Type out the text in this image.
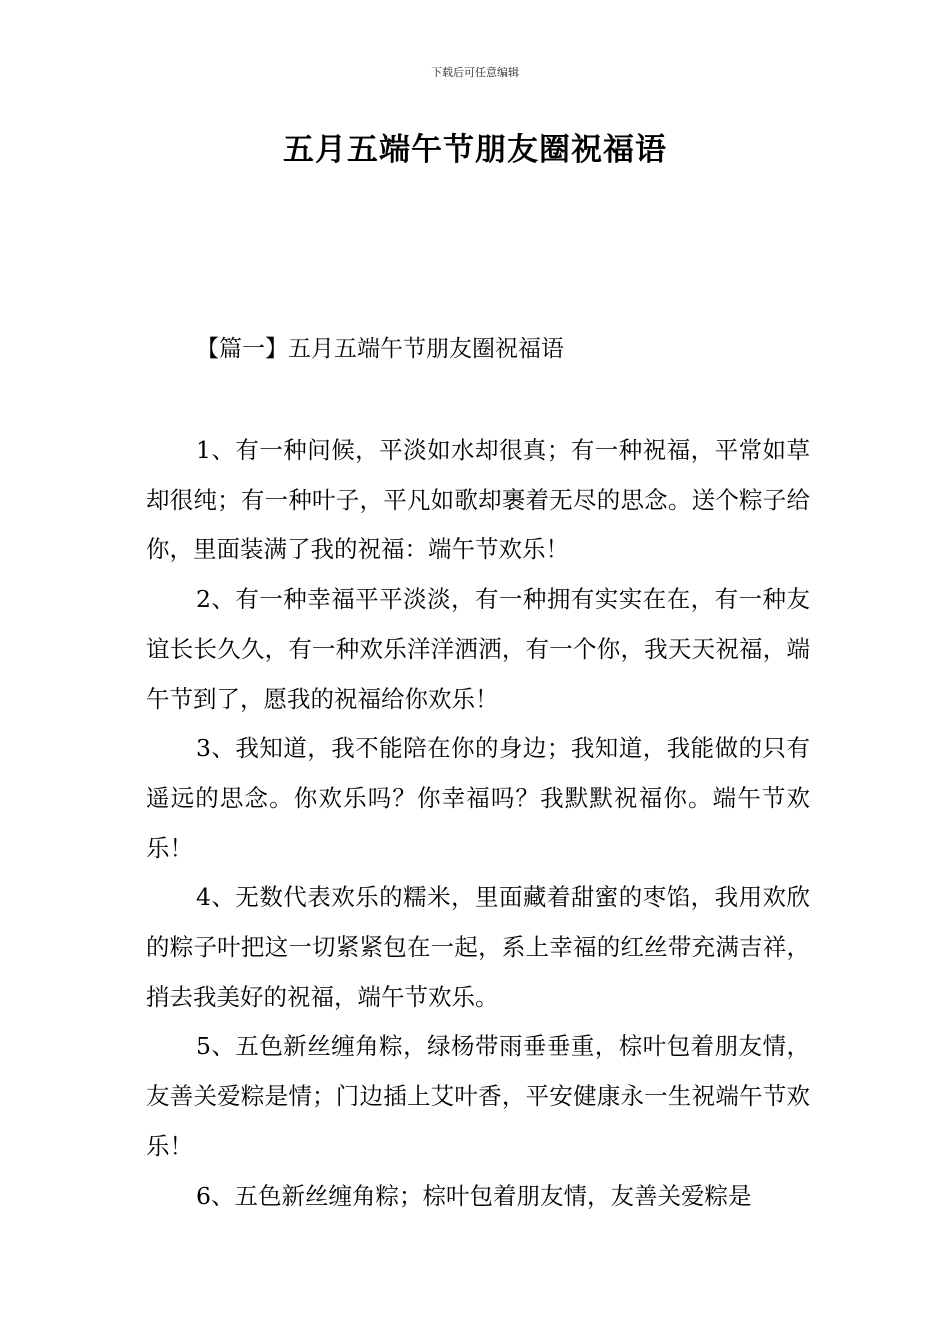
下载后可任意编辑
五月五端午节朋友圈祝福语
【篇一】五月五端午节朋友圈祝福语

1、有一种问候，平淡如水却很真；有一种祝福，平常如草却很纯；有一种叶子，平凡如歌却裹着无尽的思念。送个粽子给你，里面装满了我的祝福：端午节欢乐！

2、有一种幸福平平淡淡，有一种拥有实实在在，有一种友谊长长久久，有一种欢乐洋洋洒洒，有一个你，我天天祝福，端午节到了，愿我的祝福给你欢乐！

3、我知道，我不能陪在你的身边；我知道，我能做的只有遥远的思念。你欢乐吗？你幸福吗？我默默祝福你。端午节欢乐！

4、无数代表欢乐的糯米，里面藏着甜蜜的枣馅，我用欢欣的粽子叶把这一切紧紧包在一起，系上幸福的红丝带充满吉祥，捎去我美好的祝福，端午节欢乐。

5、五色新丝缠角粽，绿杨带雨垂垂重，棕叶包着朋友情，友善关爱粽是情；门边插上艾叶香，平安健康永一生祝端午节欢乐！

6、五色新丝缠角粽；棕叶包着朋友情，友善关爱粽是
